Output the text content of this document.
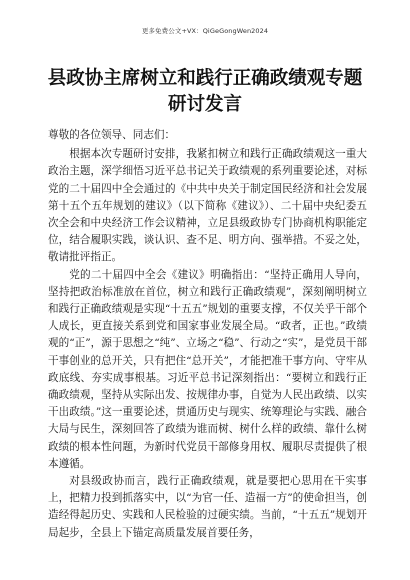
更多免费公文+VX：QiGeGongWen2024
县政协主席树立和践行正确政绩观专题研讨发言

尊敬的各位领导、同志们：

根据本次专题研讨安排，我紧扣树立和践行正确政绩观这一重大政治主题，深学细悟习近平总书记关于政绩观的系列重要论述，对标党的二十届四中全会通过的《中共中央关于制定国民经济和社会发展第十五个五年规划的建议》（以下简称《建议》）、二十届中央纪委五次全会和中央经济工作会议精神，立足县级政协专门协商机构职能定位，结合履职实践，谈认识、查不足、明方向、强举措。不妥之处，敬请批评指正。

党的二十届四中全会《建议》明确指出：“坚持正确用人导向，坚持把政治标准放在首位，树立和践行正确政绩观”，深刻阐明树立和践行正确政绩观是实现“十五五”规划的重要支撑，不仅关乎干部个人成长，更直接关系到党和国家事业发展全局。“政者，正也。”政绩观的“正”，源于思想之“纯”、立场之“稳”、行动之“实”，是党员干部干事创业的总开关，只有把住“总开关”，才能把准干事方向、守牢从政底线、夯实成事根基。习近平总书记深刻指出：“要树立和践行正确政绩观，坚持从实际出发、按规律办事，自觉为人民出政绩、以实干出政绩。”这一重要论述，贯通历史与现实、统筹理论与实践、融合大局与民生，深刻回答了政绩为谁而树、树什么样的政绩、靠什么树政绩的根本性问题，为新时代党员干部修身用权、履职尽责提供了根本遵循。

对县级政协而言，践行正确政绩观，就是要把心思用在干实事上，把精力投到抓落实中，以“为官一任、造福一方”的使命担当，创造经得起历史、实践和人民检验的过硬实绩。当前，“十五五”规划开局起步，全县上下锚定高质量发展首要任务，
